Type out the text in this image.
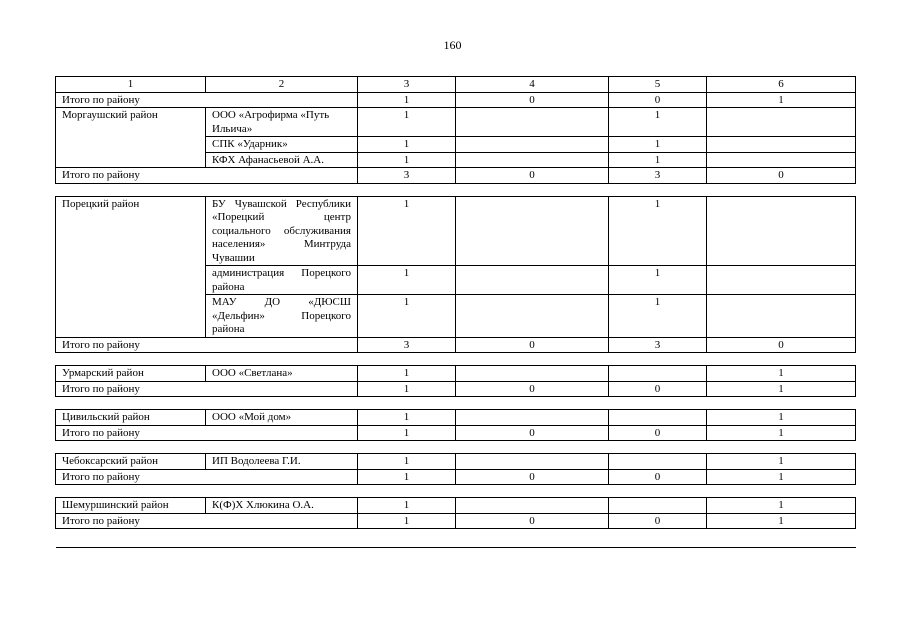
160
1	2	3	4	5	6
Итого по району		1	0	0	1
Моргаушский район	ООО «Агрофирма «Путь Ильича»	1		1	
	СПК «Ударник»	1		1	
	КФХ Афанасьевой А.А.	1		1	
Итого по району		3	0	3	0

Порецкий район	БУ Чувашской Республики «Порецкий центр социального обслуживания населения» Минтруда Чувашии	1		1	
	администрация Порецкого района	1		1	
	МАУ ДО «ДЮСШ «Дельфин» Порецкого района	1		1	
Итого по району		3	0	3	0

Урмарский район	ООО «Светлана»	1			1
Итого по району		1	0	0	1

Цивильский район	ООО «Мой дом»	1			1
Итого по району		1	0	0	1

Чебоксарский район	ИП Водолеева Г.И.	1			1
Итого по району		1	0	0	1

Шемуршинский район	К(Ф)Х Хлюкина О.А.	1			1
Итого по району		1	0	0	1
